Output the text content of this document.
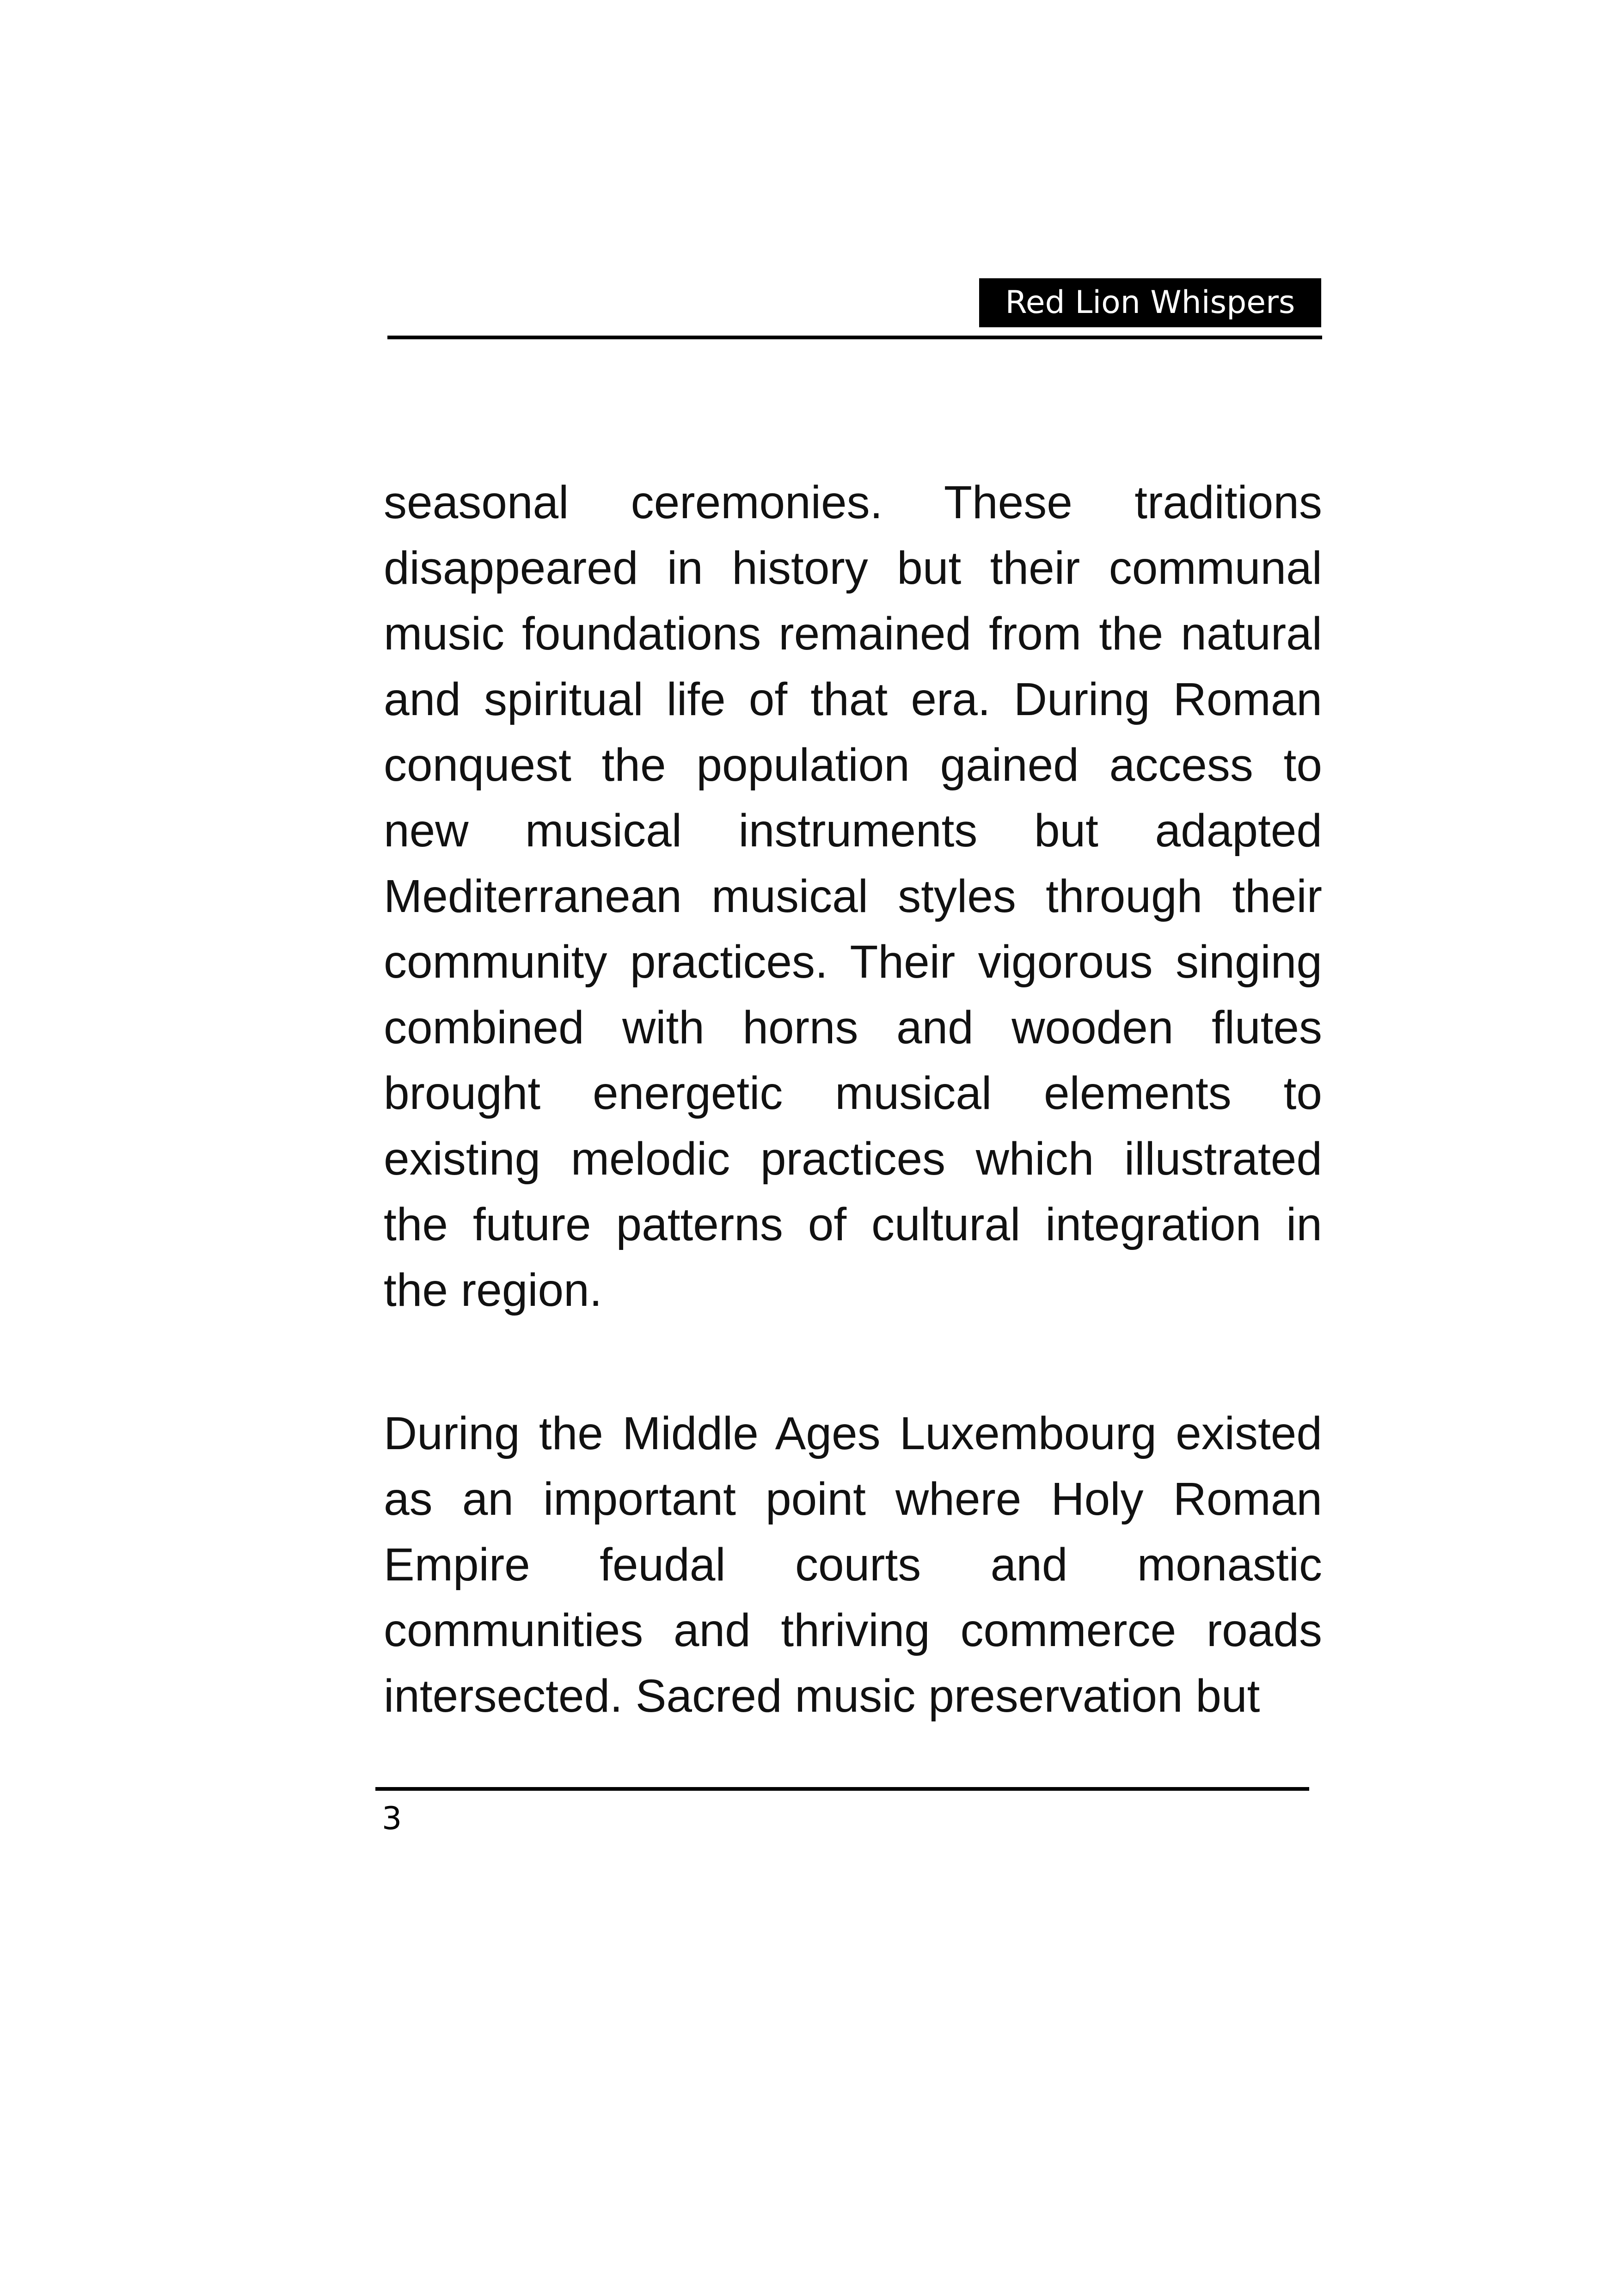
Red Lion Whispers

seasonal ceremonies. These traditions disappeared in history but their communal music foundations remained from the natural and spiritual life of that era. During Roman conquest the population gained access to new musical instruments but adapted Mediterranean musical styles through their community practices. Their vigorous singing combined with horns and wooden flutes brought energetic musical elements to existing melodic practices which illustrated the future patterns of cultural integration in the region.

During the Middle Ages Luxembourg existed as an important point where Holy Roman Empire feudal courts and monastic communities and thriving commerce roads intersected. Sacred music preservation but

3
